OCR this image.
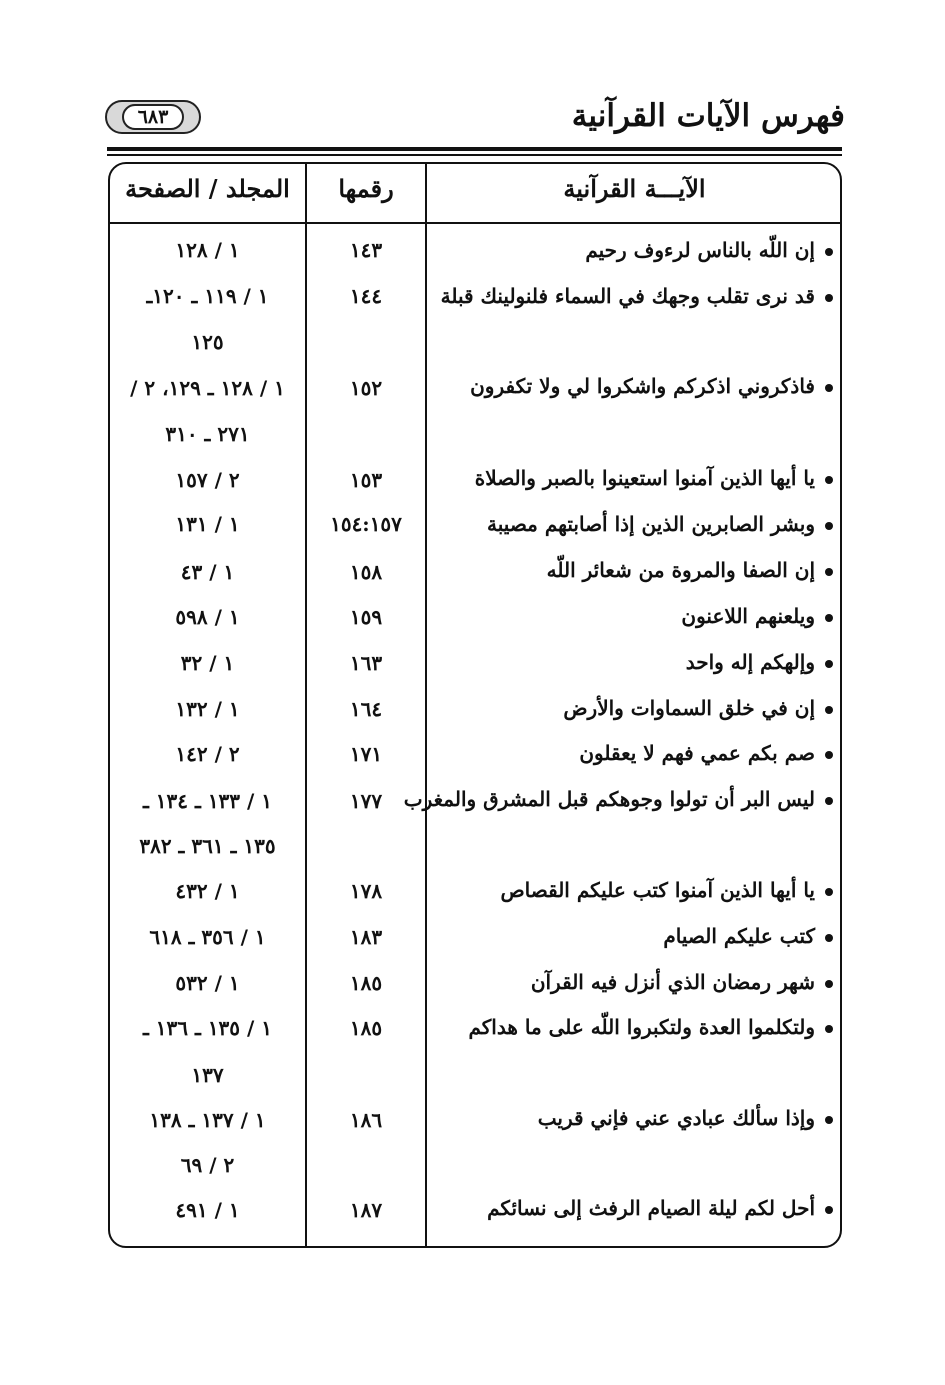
فهرس الآيات القرآنية
٦٨٣
الآيـــة القرآنية
رقمها
المجلد / الصفحة
إن اللّه بالناس لرءوف رحيم
١٤٣
١ / ١٢٨
قد نرى تقلب وجهك في السماء فلنولينك قبلة
١٤٤
١ / ١١٩ ـ ١٢٠ـ
١٢٥
فاذكروني اذكركم واشكروا لي ولا تكفرون
١٥٢
١ / ١٢٨ ـ ١٢٩، ٢ /
٢٧١ ـ ٣١٠
يا أيها الذين آمنوا استعينوا بالصبر والصلاة
١٥٣
٢ / ١٥٧
وبشر الصابرين الذين إذا أصابتهم مصيبة
١٥٤:١٥٧
١ / ١٣١
إن الصفا والمروة من شعائر اللّه
١٥٨
١ / ٤٣
ويلعنهم اللاعنون
١٥٩
١ / ٥٩٨
وإلهكم إله واحد
١٦٣
١ / ٣٢
إن في خلق السماوات والأرض
١٦٤
١ / ١٣٢
صم بكم عمي فهم لا يعقلون
١٧١
٢ / ١٤٢
ليس البر أن تولوا وجوهكم قبل المشرق والمغرب
١٧٧
١ / ١٣٣ ـ ١٣٤ ـ
١٣٥ ـ ٣٦١ ـ ٣٨٢
يا أيها الذين آمنوا كتب عليكم القصاص
١٧٨
١ / ٤٣٢
كتب عليكم الصيام
١٨٣
١ / ٣٥٦ ـ ٦١٨
شهر رمضان الذي أنزل فيه القرآن
١٨٥
١ / ٥٣٢
ولتكلموا العدة ولتكبروا اللّه على ما هداكم
١٨٥
١ / ١٣٥ ـ ١٣٦ ـ
١٣٧
وإذا سألك عبادي عني فإني قريب
١٨٦
١ / ١٣٧ ـ ١٣٨
٢ / ٦٩
أحل لكم ليلة الصيام الرفث إلى نسائكم
١٨٧
١ / ٤٩١
